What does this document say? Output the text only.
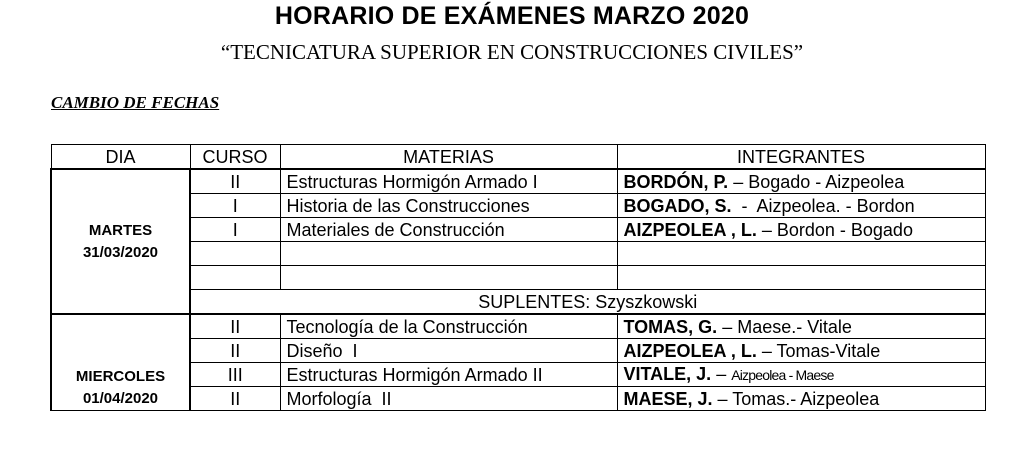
HORARIO DE EXÁMENES MARZO 2020
“TECNICATURA SUPERIOR EN CONSTRUCCIONES CIVILES”
CAMBIO DE FECHAS
DIA	CURSO	MATERIAS	INTEGRANTES

MARTES
31/03/2020	II	Estructuras Hormigón Armado I	BORDÓN, P. – Bogado - Aizpeolea
	I	Historia de las Construcciones	BOGADO, S.  -  Aizpeolea. - Bordon
	I	Materiales de Construcción	AIZPEOLEA , L. – Bordon - Bogado

	SUPLENTES: Szyszkowski		

MIERCOLES
01/04/2020	II	Tecnología de la Construcción	TOMAS, G. – Maese.- Vitale
	II	Diseño  I	AIZPEOLEA , L. – Tomas-Vitale
	III	Estructuras Hormigón Armado II	VITALE, J. – Aizpeolea - Maese
	II	Morfología  II	MAESE, J. – Tomas.- Aizpeolea
